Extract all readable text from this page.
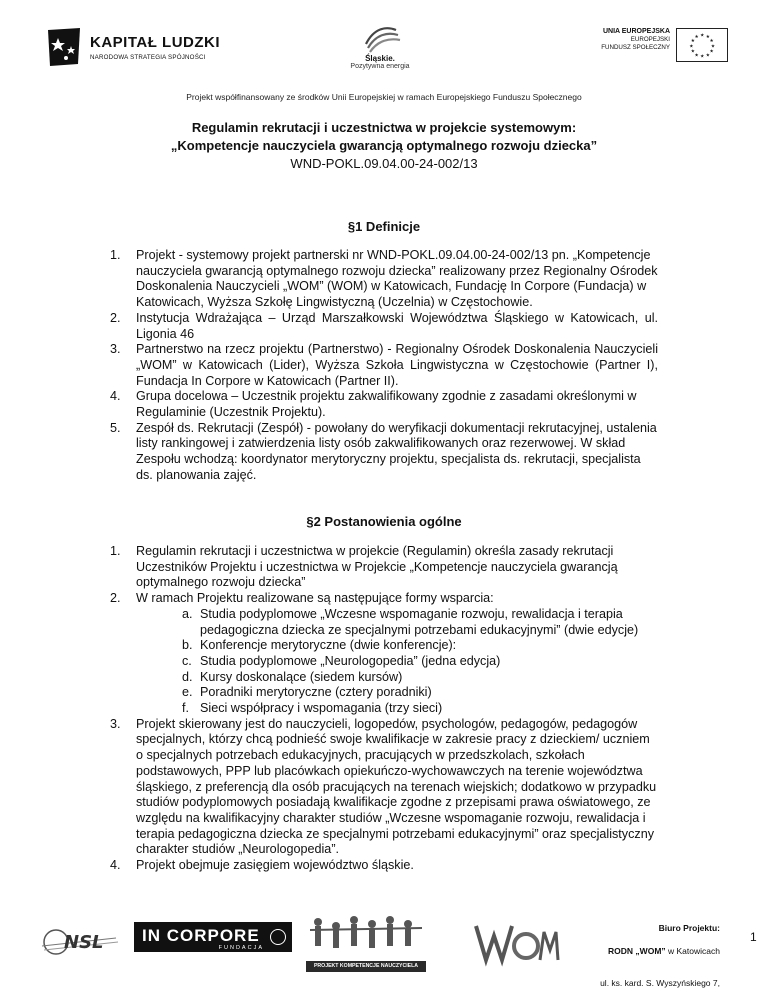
KAPITAŁ LUDZKI
NARODOWA STRATEGIA SPÓJNOŚCI	Śląskie.
Pozytywna energia
UNIA EUROPEJSKA
EUROPEJSKI
FUNDUSZ SPOŁECZNY
★ ★
★
★
★
★
★
★
★
★
★
★
Projekt współfinansowany ze środków Unii Europejskiej w ramach Europejskiego Funduszu Społecznego
Regulamin rekrutacji i uczestnictwa w projekcie systemowym:
„Kompetencje nauczyciela gwarancją optymalnego rozwoju dziecka”
WND-POKL.09.04.00-24-002/13
§1 Definicje
1. Projekt - systemowy projekt partnerski nr WND-POKL.09.04.00-24-002/13 pn. „Kompetencje nauczyciela gwarancją optymalnego rozwoju dziecka” realizowany przez Regionalny Ośrodek Doskonalenia Nauczycieli „WOM” (WOM) w Katowicach, Fundację In Corpore (Fundacja) w Katowicach, Wyższa Szkołę Lingwistyczną (Uczelnia) w Częstochowie.
2. Instytucja Wdrażająca – Urząd Marszałkowski Województwa Śląskiego w Katowicach, ul. Ligonia 46
3. Partnerstwo na rzecz projektu (Partnerstwo) - Regionalny Ośrodek Doskonalenia Nauczycieli „WOM” w Katowicach (Lider), Wyższa Szkoła Lingwistyczna w Częstochowie (Partner I), Fundacja In Corpore w Katowicach (Partner II).
4. Grupa docelowa – Uczestnik projektu zakwalifikowany zgodnie z zasadami określonymi w Regulaminie (Uczestnik Projektu).
5. Zespół ds. Rekrutacji (Zespół) - powołany do weryfikacji dokumentacji rekrutacyjnej, ustalenia listy rankingowej i zatwierdzenia listy osób zakwalifikowanych oraz rezerwowej. W skład Zespołu wchodzą: koordynator merytoryczny projektu, specjalista ds. rekrutacji, specjalista ds. planowania zajęć.
§2 Postanowienia ogólne
1. Regulamin rekrutacji i uczestnictwa w projekcie (Regulamin) określa zasady rekrutacji Uczestników Projektu i uczestnictwa w Projekcie „Kompetencje nauczyciela gwarancją optymalnego rozwoju dziecka”
2. W ramach Projektu realizowane są następujące formy wsparcia:
a. Studia podyplomowe „Wczesne wspomaganie rozwoju, rewalidacja i terapia pedagogiczna dziecka ze specjalnymi potrzebami edukacyjnymi” (dwie edycje)
b. Konferencje merytoryczne (dwie konferencje):
c. Studia podyplomowe „Neurologopedia” (jedna edycja)
d. Kursy doskonalące (siedem kursów)
e. Poradniki merytoryczne (cztery poradniki)
f. Sieci współpracy i wspomagania (trzy sieci)
3. Projekt skierowany jest do nauczycieli, logopedów, psychologów, pedagogów, pedagogów specjalnych, którzy chcą podnieść swoje kwalifikacje w zakresie pracy z dzieckiem/ uczniem o specjalnych potrzebach edukacyjnych, pracujących w przedszkolach, szkołach podstawowych, PPP lub placówkach opiekuńczo-wychowawczych na terenie województwa śląskiego, z preferencją dla osób pracujących na terenach wiejskich; dodatkowo w przypadku studiów podyplomowych posiadają kwalifikacje zgodne z przepisami prawa oświatowego, ze względu na kwalifikacyjny charakter studiów „Wczesne wspomaganie rozwoju, rewalidacja i terapia pedagogiczna dziecka ze specjalnymi potrzebami edukacyjnymi” oraz specjalistyczny charakter studiów „Neurologopedia”.
4. Projekt obejmuje zasięgiem województwo śląskie.
NSL IN CORPORE
FUNDACJA
PROJEKT KOMPETENCJE NAUCZYCIELA
Biuro Projektu:
RODN „WOM” w Katowicach
ul. ks. kard. S. Wyszyńskiego 7,
1
